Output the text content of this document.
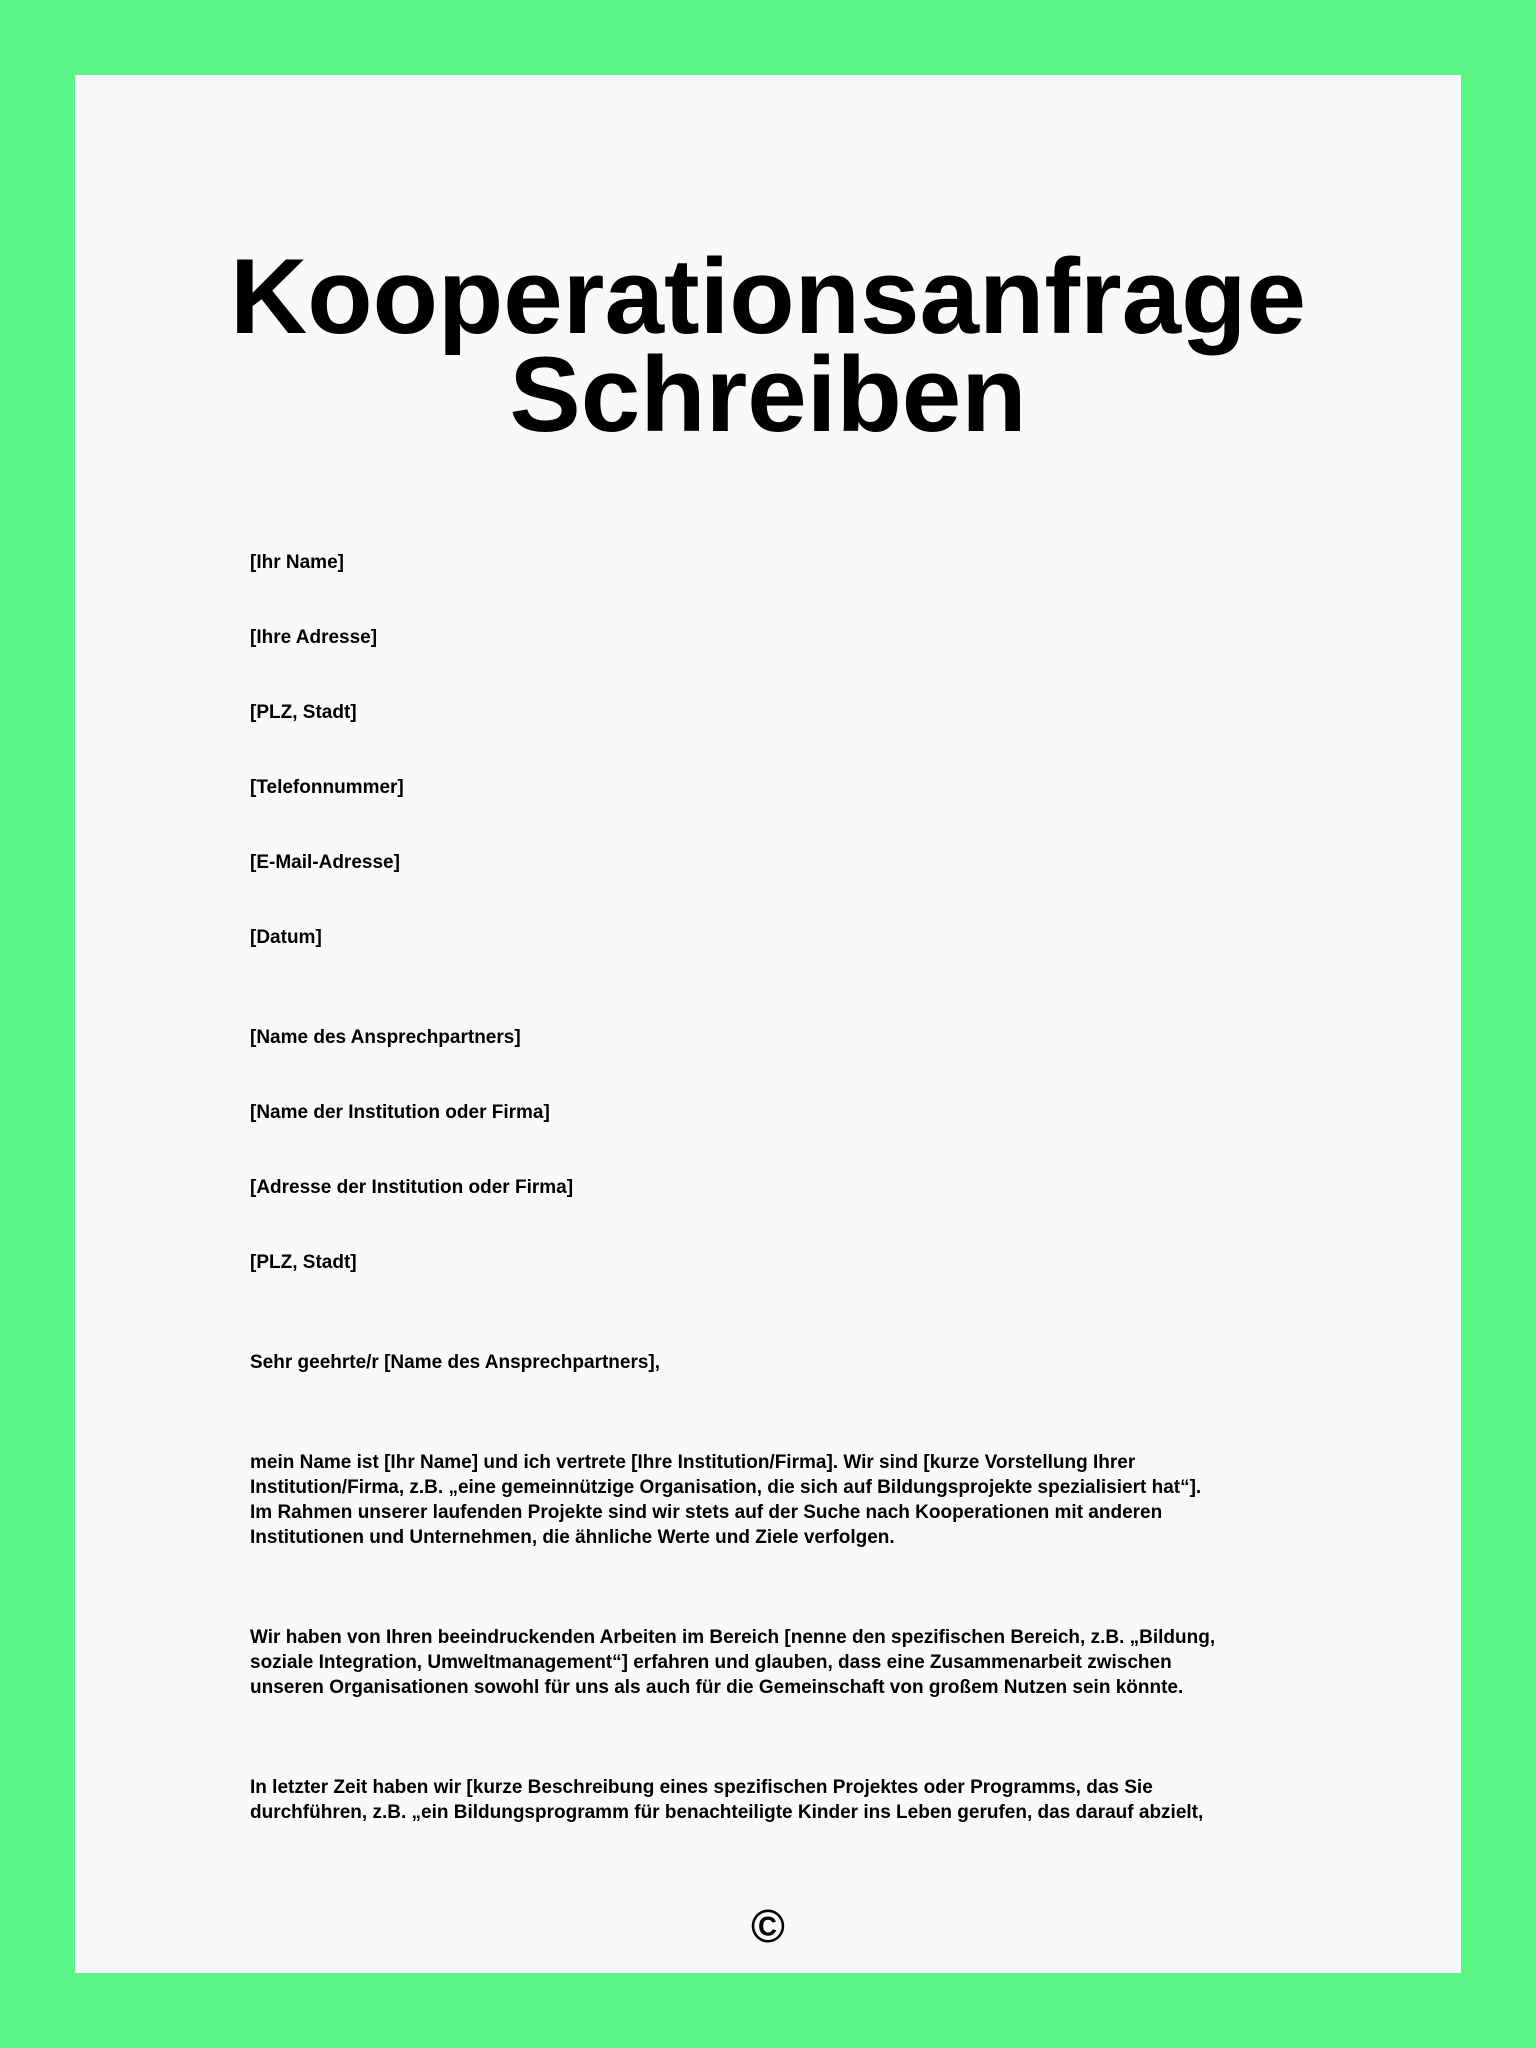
Kooperationsanfrage
Schreiben

[Ihr Name]

[Ihre Adresse]

[PLZ, Stadt]

[Telefonnummer]

[E-Mail-Adresse]

[Datum]

[Name des Ansprechpartners]

[Name der Institution oder Firma]

[Adresse der Institution oder Firma]

[PLZ, Stadt]

Sehr geehrte/r [Name des Ansprechpartners],

mein Name ist [Ihr Name] und ich vertrete [Ihre Institution/Firma]. Wir sind [kurze Vorstellung Ihrer
Institution/Firma, z.B. „eine gemeinnützige Organisation, die sich auf Bildungsprojekte spezialisiert hat“].
Im Rahmen unserer laufenden Projekte sind wir stets auf der Suche nach Kooperationen mit anderen
Institutionen und Unternehmen, die ähnliche Werte und Ziele verfolgen.

Wir haben von Ihren beeindruckenden Arbeiten im Bereich [nenne den spezifischen Bereich, z.B. „Bildung,
soziale Integration, Umweltmanagement“] erfahren und glauben, dass eine Zusammenarbeit zwischen
unseren Organisationen sowohl für uns als auch für die Gemeinschaft von großem Nutzen sein könnte.

In letzter Zeit haben wir [kurze Beschreibung eines spezifischen Projektes oder Programms, das Sie
durchführen, z.B. „ein Bildungsprogramm für benachteiligte Kinder ins Leben gerufen, das darauf abzielt,

©
